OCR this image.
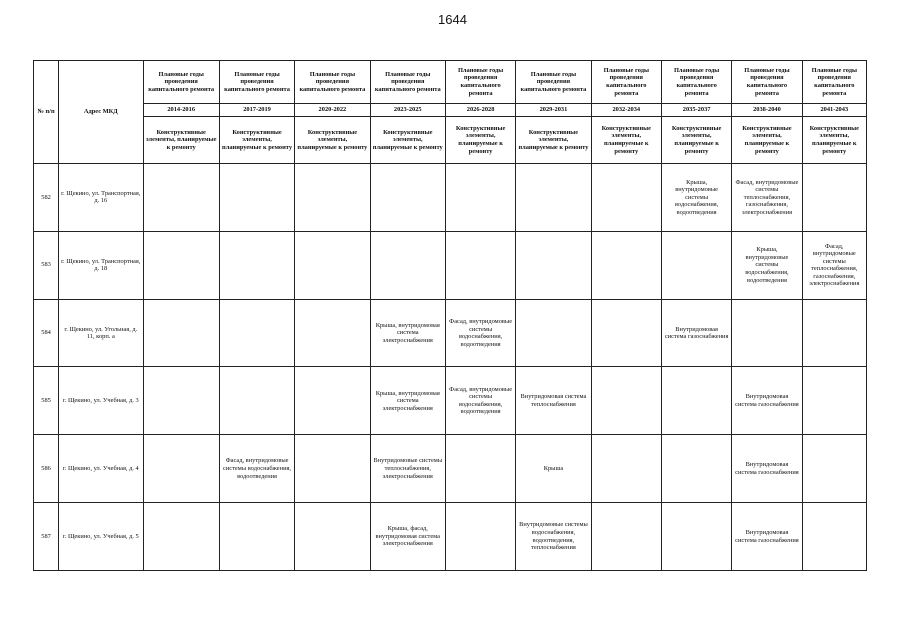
1644
№ п/п	Адрес МКД	Плановые годы проведения капитального ремонта	Плановые годы проведения капитального ремонта	Плановые годы проведения капитального ремонта	Плановые годы проведения капитального ремонта	Плановые годы проведения капитального ремонта	Плановые годы проведения капитального ремонта	Плановые годы проведения капитального ремонта	Плановые годы проведения капитального ремонта	Плановые годы проведения капитального ремонта	Плановые годы проведения капитального ремонта
		2014-2016	2017-2019	2020-2022	2023-2025	2026-2028	2029-2031	2032-2034	2035-2037	2038-2040	2041-2043
		Конструктивные элементы, планируемые к ремонту	Конструктивные элементы, планируемые к ремонту	Конструктивные элементы, планируемые к ремонту	Конструктивные элементы, планируемые к ремонту	Конструктивные элементы, планируемые к ремонту	Конструктивные элементы, планируемые к ремонту	Конструктивные элементы, планируемые к ремонту	Конструктивные элементы, планируемые к ремонту	Конструктивные элементы, планируемые к ремонту	Конструктивные элементы, планируемые к ремонту
582	г. Щекино, ул. Транспортная, д. 16								Крыша, внутридомовые системы водоснабжения, водоотведения	Фасад, внутридомовые системы теплоснабжения, газоснабжения, электроснабжения	
583	г. Щекино, ул. Транспортная, д. 18									Крыша, внутридомовые системы водоснабжения, водоотведения	Фасад, внутридомовые системы теплоснабжения, газоснабжения, электроснабжения
584	г. Щекино, ул. Угольная, д. 11, корп. а				Крыша, внутридомовая система электроснабжения	Фасад, внутридомовые системы водоснабжения, водоотведения			Внутридомовая система газоснабжения		
585	г. Щекино, ул. Учебная, д. 3				Крыша, внутридомовая система электроснабжения	Фасад, внутридомовые системы водоснабжения, водоотведения	Внутридомовая система теплоснабжения			Внутридомовая система газоснабжения	
586	г. Щекино, ул. Учебная, д. 4		Фасад, внутридомовые системы водоснабжения, водоотведения		Внутридомовые системы теплоснабжения, электроснабжения		Крыша			Внутридомовая система газоснабжения	
587	г. Щекино, ул. Учебная, д. 5				Крыша, фасад, внутридомовая система электроснабжения		Внутридомовые системы водоснабжения, водоотведения, теплоснабжения			Внутридомовая система газоснабжения	
